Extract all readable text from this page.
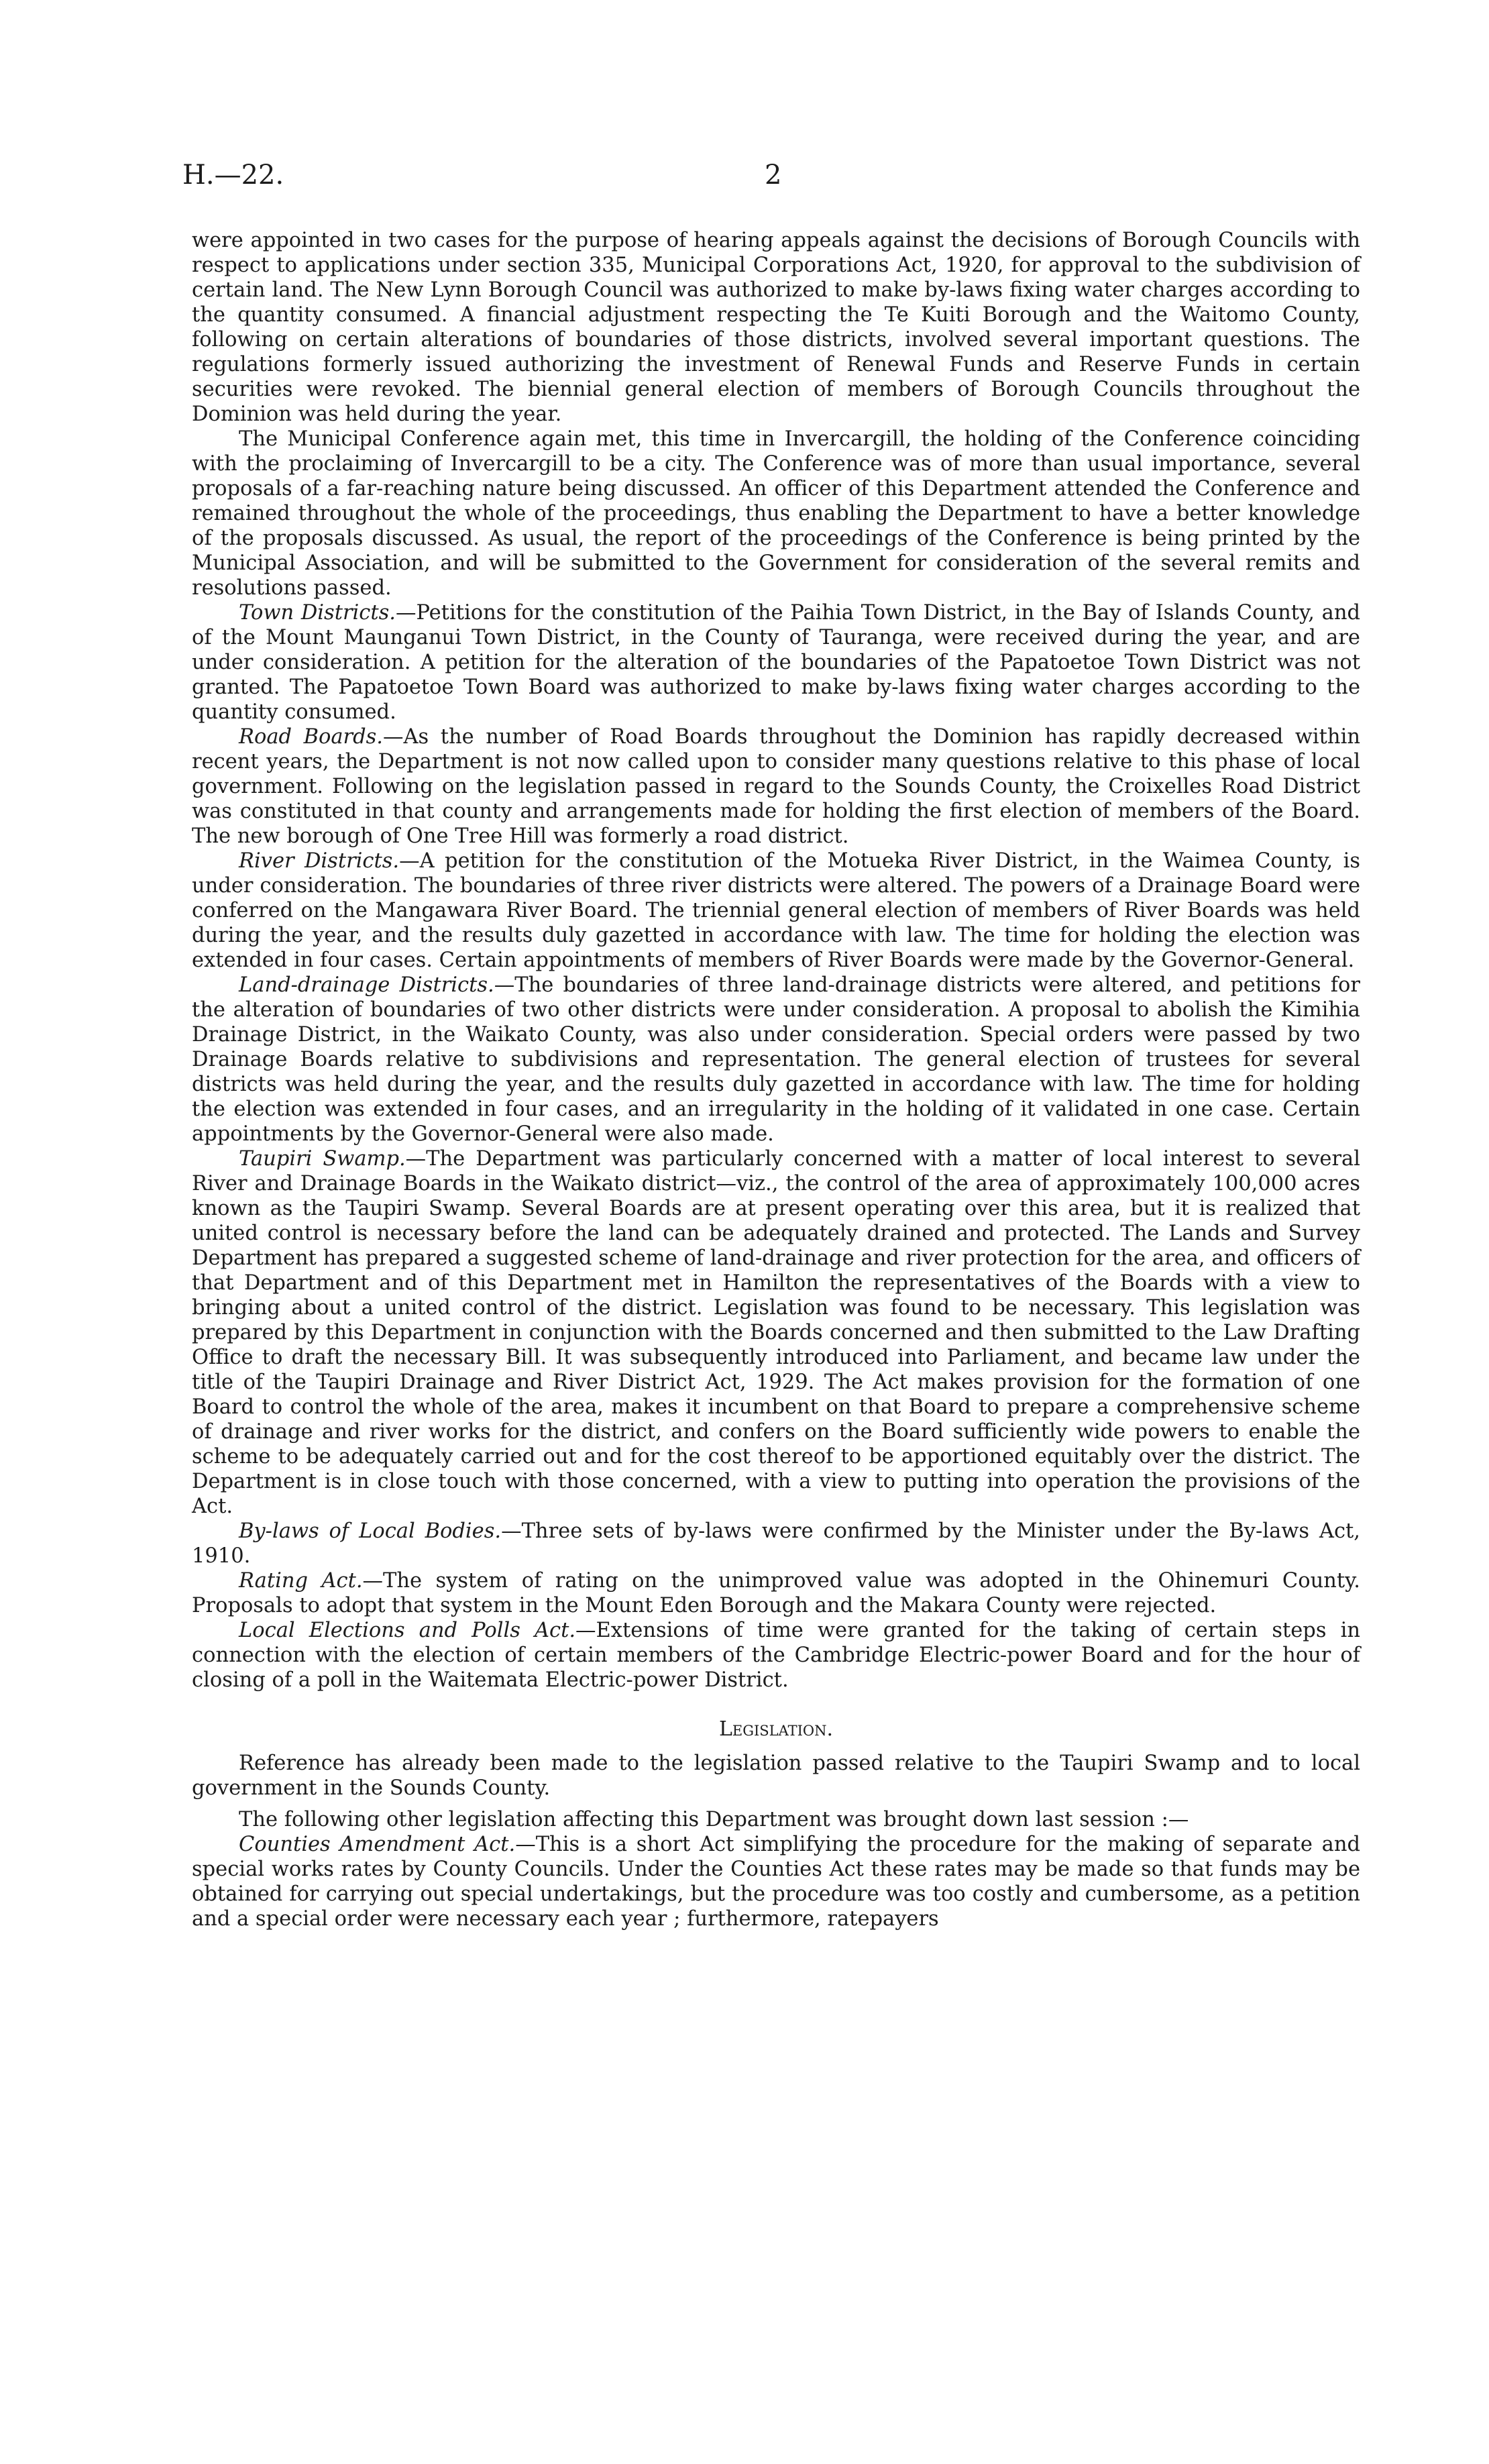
H.—22.	2

were appointed in two cases for the purpose of hearing appeals against the decisions of Borough Councils with respect to applications under section 335, Municipal Corporations Act, 1920, for approval to the subdivision of certain land. The New Lynn Borough Council was authorized to make by-laws fixing water charges according to the quantity consumed. A financial adjustment respecting the Te Kuiti Borough and the Waitomo County, following on certain alterations of boundaries of those districts, involved several important questions. The regulations formerly issued authorizing the investment of Renewal Funds and Reserve Funds in certain securities were revoked. The biennial general election of members of Borough Councils throughout the Dominion was held during the year.

The Municipal Conference again met, this time in Invercargill, the holding of the Conference coinciding with the proclaiming of Invercargill to be a city. The Conference was of more than usual importance, several proposals of a far-reaching nature being discussed. An officer of this Department attended the Conference and remained throughout the whole of the proceedings, thus enabling the Department to have a better knowledge of the proposals discussed. As usual, the report of the proceedings of the Conference is being printed by the Municipal Association, and will be submitted to the Government for consideration of the several remits and resolutions passed.

Town Districts.—Petitions for the constitution of the Paihia Town District, in the Bay of Islands County, and of the Mount Maunganui Town District, in the County of Tauranga, were received during the year, and are under consideration. A petition for the alteration of the boundaries of the Papatoetoe Town District was not granted. The Papatoetoe Town Board was authorized to make by-laws fixing water charges according to the quantity consumed.

Road Boards.—As the number of Road Boards throughout the Dominion has rapidly decreased within recent years, the Department is not now called upon to consider many questions relative to this phase of local government. Following on the legislation passed in regard to the Sounds County, the Croixelles Road District was constituted in that county and arrangements made for holding the first election of members of the Board. The new borough of One Tree Hill was formerly a road district.

River Districts.—A petition for the constitution of the Motueka River District, in the Waimea County, is under consideration. The boundaries of three river districts were altered. The powers of a Drainage Board were conferred on the Mangawara River Board. The triennial general election of members of River Boards was held during the year, and the results duly gazetted in accordance with law. The time for holding the election was extended in four cases. Certain appointments of members of River Boards were made by the Governor-General.

Land-drainage Districts.—The boundaries of three land-drainage districts were altered, and petitions for the alteration of boundaries of two other districts were under consideration. A proposal to abolish the Kimihia Drainage District, in the Waikato County, was also under consideration. Special orders were passed by two Drainage Boards relative to subdivisions and representation. The general election of trustees for several districts was held during the year, and the results duly gazetted in accordance with law. The time for holding the election was extended in four cases, and an irregularity in the holding of it validated in one case. Certain appointments by the Governor-General were also made.

Taupiri Swamp.—The Department was particularly concerned with a matter of local interest to several River and Drainage Boards in the Waikato district—viz., the control of the area of approximately 100,000 acres known as the Taupiri Swamp. Several Boards are at present operating over this area, but it is realized that united control is necessary before the land can be adequately drained and protected. The Lands and Survey Department has prepared a suggested scheme of land-drainage and river protection for the area, and officers of that Department and of this Department met in Hamilton the representatives of the Boards with a view to bringing about a united control of the district. Legislation was found to be necessary. This legislation was prepared by this Department in conjunction with the Boards concerned and then submitted to the Law Drafting Office to draft the necessary Bill. It was subsequently introduced into Parliament, and became law under the title of the Taupiri Drainage and River District Act, 1929. The Act makes provision for the formation of one Board to control the whole of the area, makes it incumbent on that Board to prepare a comprehensive scheme of drainage and river works for the district, and confers on the Board sufficiently wide powers to enable the scheme to be adequately carried out and for the cost thereof to be apportioned equitably over the district. The Department is in close touch with those concerned, with a view to putting into operation the provisions of the Act.

By-laws of Local Bodies.—Three sets of by-laws were confirmed by the Minister under the By-laws Act, 1910.

Rating Act.—The system of rating on the unimproved value was adopted in the Ohinemuri County. Proposals to adopt that system in the Mount Eden Borough and the Makara County were rejected.

Local Elections and Polls Act.—Extensions of time were granted for the taking of certain steps in connection with the election of certain members of the Cambridge Electric-power Board and for the hour of closing of a poll in the Waitemata Electric-power District.

Legislation.

Reference has already been made to the legislation passed relative to the Taupiri Swamp and to local government in the Sounds County.

The following other legislation affecting this Department was brought down last session :—

Counties Amendment Act.—This is a short Act simplifying the procedure for the making of separate and special works rates by County Councils. Under the Counties Act these rates may be made so that funds may be obtained for carrying out special undertakings, but the procedure was too costly and cumbersome, as a petition and a special order were necessary each year ; furthermore, ratepayers
